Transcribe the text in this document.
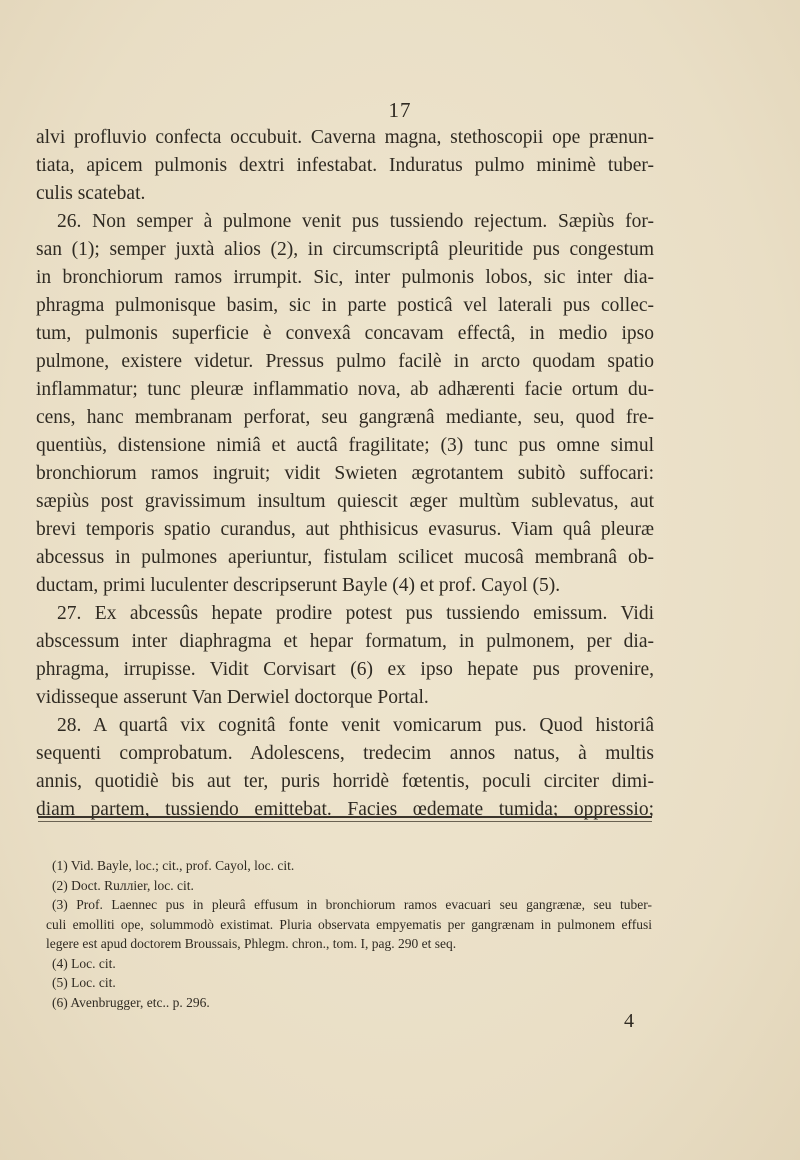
17
alvi profluvio confecta occubuit. Caverna magna, stethoscopii ope prænun-
tiata, apicem pulmonis dextri infestabat. Induratus pulmo minimè tuber-
culis scatebat.
26. Non semper à pulmone venit pus tussiendo rejectum. Sæpiùs for-
san (1); semper juxtà alios (2), in circumscriptâ pleuritide pus congestum
in bronchiorum ramos irrumpit. Sic, inter pulmonis lobos, sic inter dia-
phragma pulmonisque basim, sic in parte posticâ vel laterali pus collec-
tum, pulmonis superficie è convexâ concavam effectâ, in medio ipso
pulmone, existere videtur. Pressus pulmo facilè in arcto quodam spatio
inflammatur; tunc pleuræ inflammatio nova, ab adhærenti facie ortum du-
cens, hanc membranam perforat, seu gangrænâ mediante, seu, quod fre-
quentiùs, distensione nimiâ et auctâ fragilitate; (3) tunc pus omne simul
bronchiorum ramos ingruit; vidit Swieten ægrotantem subitò suffocari:
sæpiùs post gravissimum insultum quiescit æger multùm sublevatus, aut
brevi temporis spatio curandus, aut phthisicus evasurus. Viam quâ pleuræ
abcessus in pulmones aperiuntur, fistulam scilicet mucosâ membranâ ob-
ductam, primi luculenter descripserunt Bayle (4) et prof. Cayol (5).
27. Ex abcessûs hepate prodire potest pus tussiendo emissum. Vidi
abscessum inter diaphragma et hepar formatum, in pulmonem, per dia-
phragma, irrupisse. Vidit Corvisart (6) ex ipso hepate pus provenire,
vidisseque asserunt Van Derwiel doctorque Portal.
28. A quartâ vix cognitâ fonte venit vomicarum pus. Quod historiâ
sequenti comprobatum. Adolescens, tredecim annos natus, à multis
annis, quotidiè bis aut ter, puris horridè fœtentis, poculi circiter dimi-
diam partem, tussiendo emittebat. Facies œdemate tumida; oppressio;
(1) Vid. Bayle, loc.; cit., prof. Cayol, loc. cit.
(2) Doct. Ruллier, loc. cit.
(3) Prof. Laennec pus in pleurâ effusum in bronchiorum ramos evacuari seu gangrænæ, seu tuber-
culi emolliti ope, solummodò existimat. Pluria observata empyematis per gangrænam in pulmonem effusi
legere est apud doctorem Broussais, Phlegm. chron., tom. I, pag. 290 et seq.
(4) Loc. cit.
(5) Loc. cit.
(6) Avenbrugger, etc.. p. 296.
4
